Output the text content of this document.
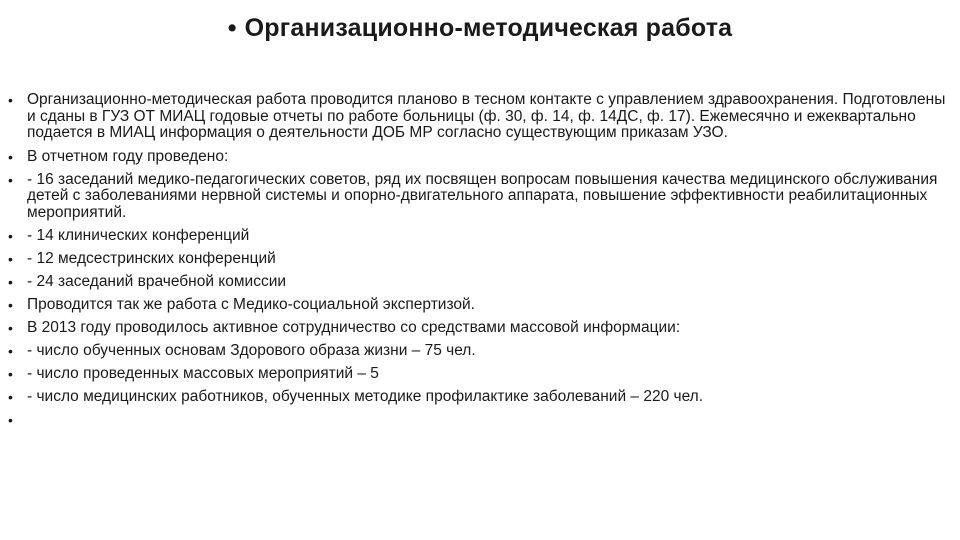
• Организационно-методическая работа
• Организационно-методическая работа проводится планово в тесном контакте с управлением здравоохранения. Подготовлены и сданы в ГУЗ ОТ МИАЦ годовые отчеты по работе больницы (ф. 30, ф. 14, ф. 14ДС, ф. 17). Ежемесячно и ежеквартально подается в МИАЦ информация о деятельности ДОБ МР согласно существующим приказам УЗО.
• В отчетном году проведено:
• - 16 заседаний медико-педагогических советов, ряд их посвящен вопросам повышения качества медицинского обслуживания детей с заболеваниями нервной системы и опорно-двигательного аппарата, повышение эффективности реабилитационных мероприятий.
• - 14 клинических конференций
• - 12 медсестринских конференций
• - 24 заседаний врачебной комиссии
• Проводится так же работа с Медико-социальной экспертизой.
• В 2013 году проводилось активное сотрудничество со средствами массовой информации:
• - число обученных основам Здорового образа жизни – 75 чел.
• - число проведенных массовых мероприятий – 5
• - число медицинских работников, обученных методике профилактике заболеваний – 220 чел.
•
